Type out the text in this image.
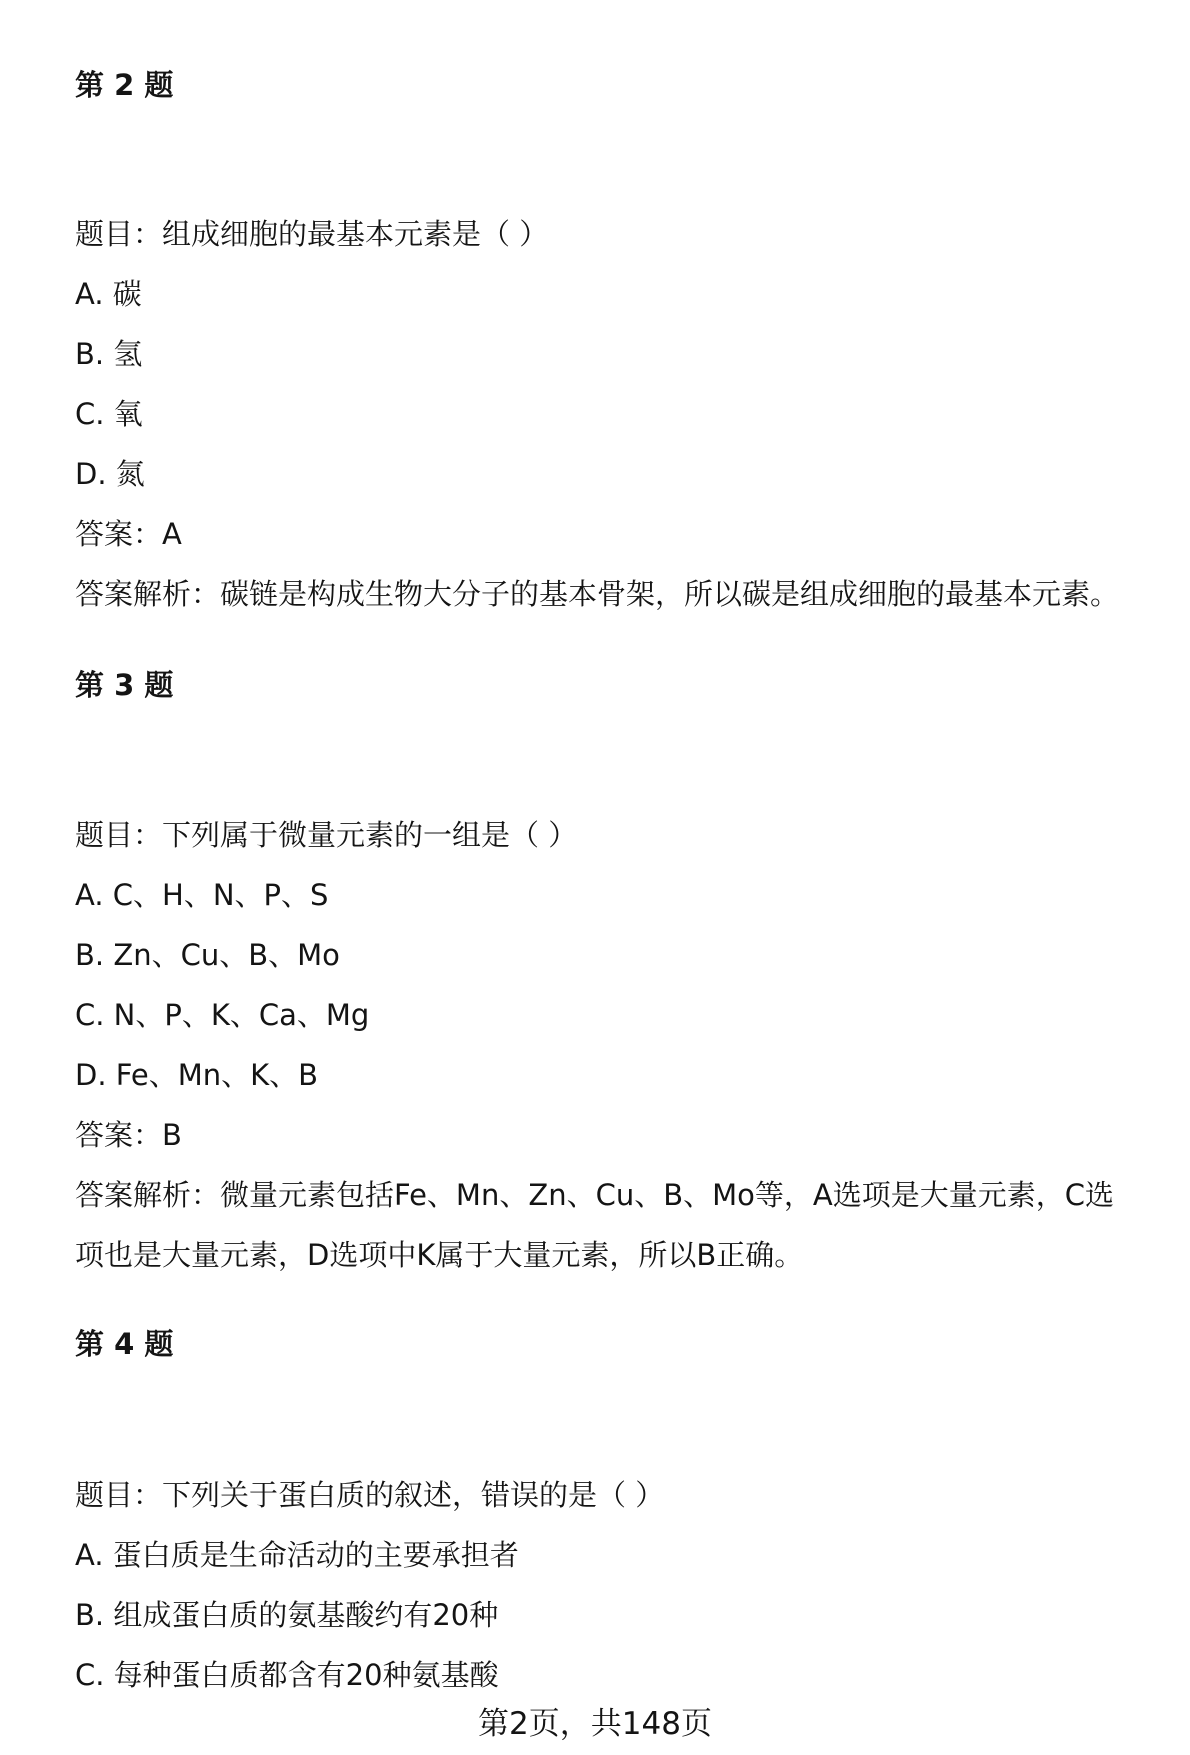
第 2 题
题目：组成细胞的最基本元素是（ ）
A. 碳
B. 氢
C. 氧
D. 氮
答案：A
答案解析：碳链是构成生物大分子的基本骨架，所以碳是组成细胞的最基本元素。
第 3 题
题目：下列属于微量元素的一组是（ ）
A. C、H、N、P、S
B. Zn、Cu、B、Mo
C. N、P、K、Ca、Mg
D. Fe、Mn、K、B
答案：B
答案解析：微量元素包括Fe、Mn、Zn、Cu、B、Mo等，A选项是大量元素，C选
项也是大量元素，D选项中K属于大量元素，所以B正确。
第 4 题
题目：下列关于蛋白质的叙述，错误的是（ ）
A. 蛋白质是生命活动的主要承担者
B. 组成蛋白质的氨基酸约有20种
C. 每种蛋白质都含有20种氨基酸
第2页，共148页
